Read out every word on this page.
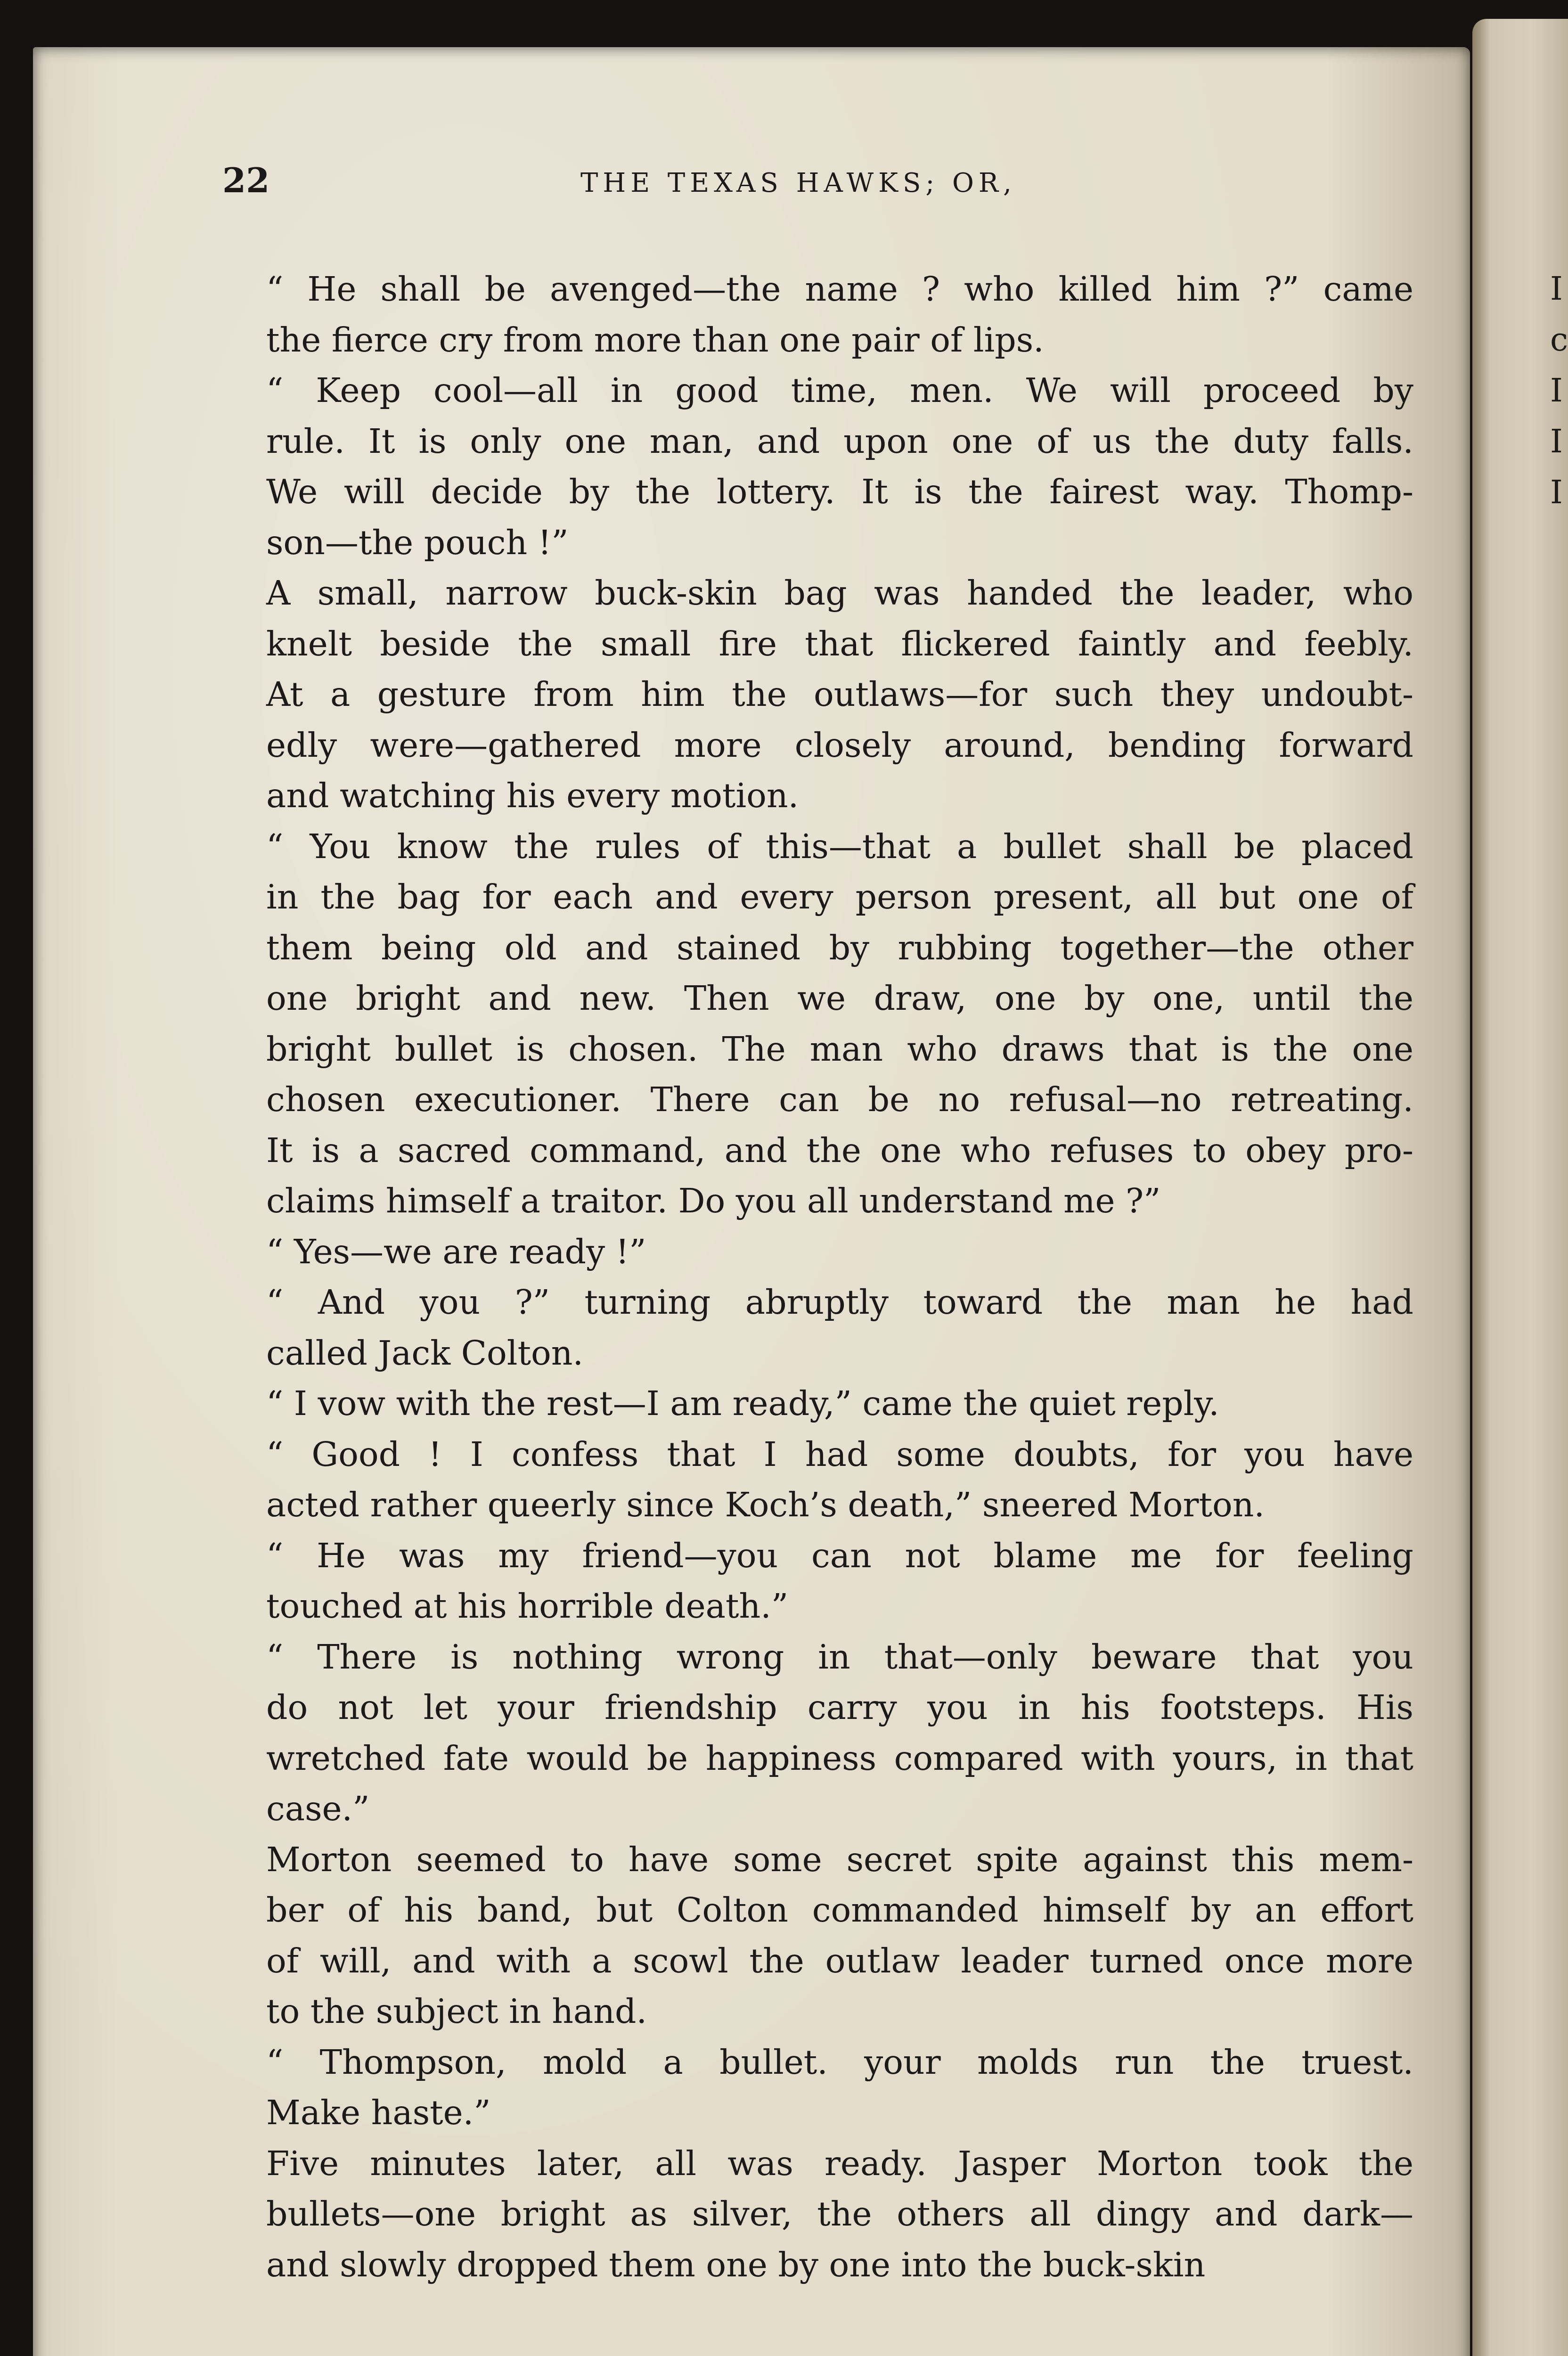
I
c
I
I
I
22	THE TEXAS HAWKS; OR,

“ He shall be avenged—the name ? who killed him ?” came
the fierce cry from more than one pair of lips.

“ Keep cool—all in good time, men. We will proceed by
rule. It is only one man, and upon one of us the duty falls.
We will decide by the lottery. It is the fairest way. Thomp-
son—the pouch !”

A small, narrow buck-skin bag was handed the leader, who
knelt beside the small fire that flickered faintly and feebly.
At a gesture from him the outlaws—for such they undoubt-
edly were—gathered more closely around, bending forward
and watching his every motion.

“ You know the rules of this—that a bullet shall be placed
in the bag for each and every person present, all but one of
them being old and stained by rubbing together—the other
one bright and new. Then we draw, one by one, until the
bright bullet is chosen. The man who draws that is the one
chosen executioner. There can be no refusal—no retreating.
It is a sacred command, and the one who refuses to obey pro-
claims himself a traitor. Do you all understand me ?”

“ Yes—we are ready !”

“ And you ?” turning abruptly toward the man he had
called Jack Colton.

“ I vow with the rest—I am ready,” came the quiet reply.

“ Good ! I confess that I had some doubts, for you have
acted rather queerly since Koch’s death,” sneered Morton.

“ He was my friend—you can not blame me for feeling
touched at his horrible death.”

“ There is nothing wrong in that—only beware that you
do not let your friendship carry you in his footsteps. His
wretched fate would be happiness compared with yours, in that
case.”

Morton seemed to have some secret spite against this mem-
ber of his band, but Colton commanded himself by an effort
of will, and with a scowl the outlaw leader turned once more
to the subject in hand.

“ Thompson, mold a bullet. your molds run the truest.
Make haste.”

Five minutes later, all was ready. Jasper Morton took the
bullets—one bright as silver, the others all dingy and dark—
and slowly dropped them one by one into the buck-skin
